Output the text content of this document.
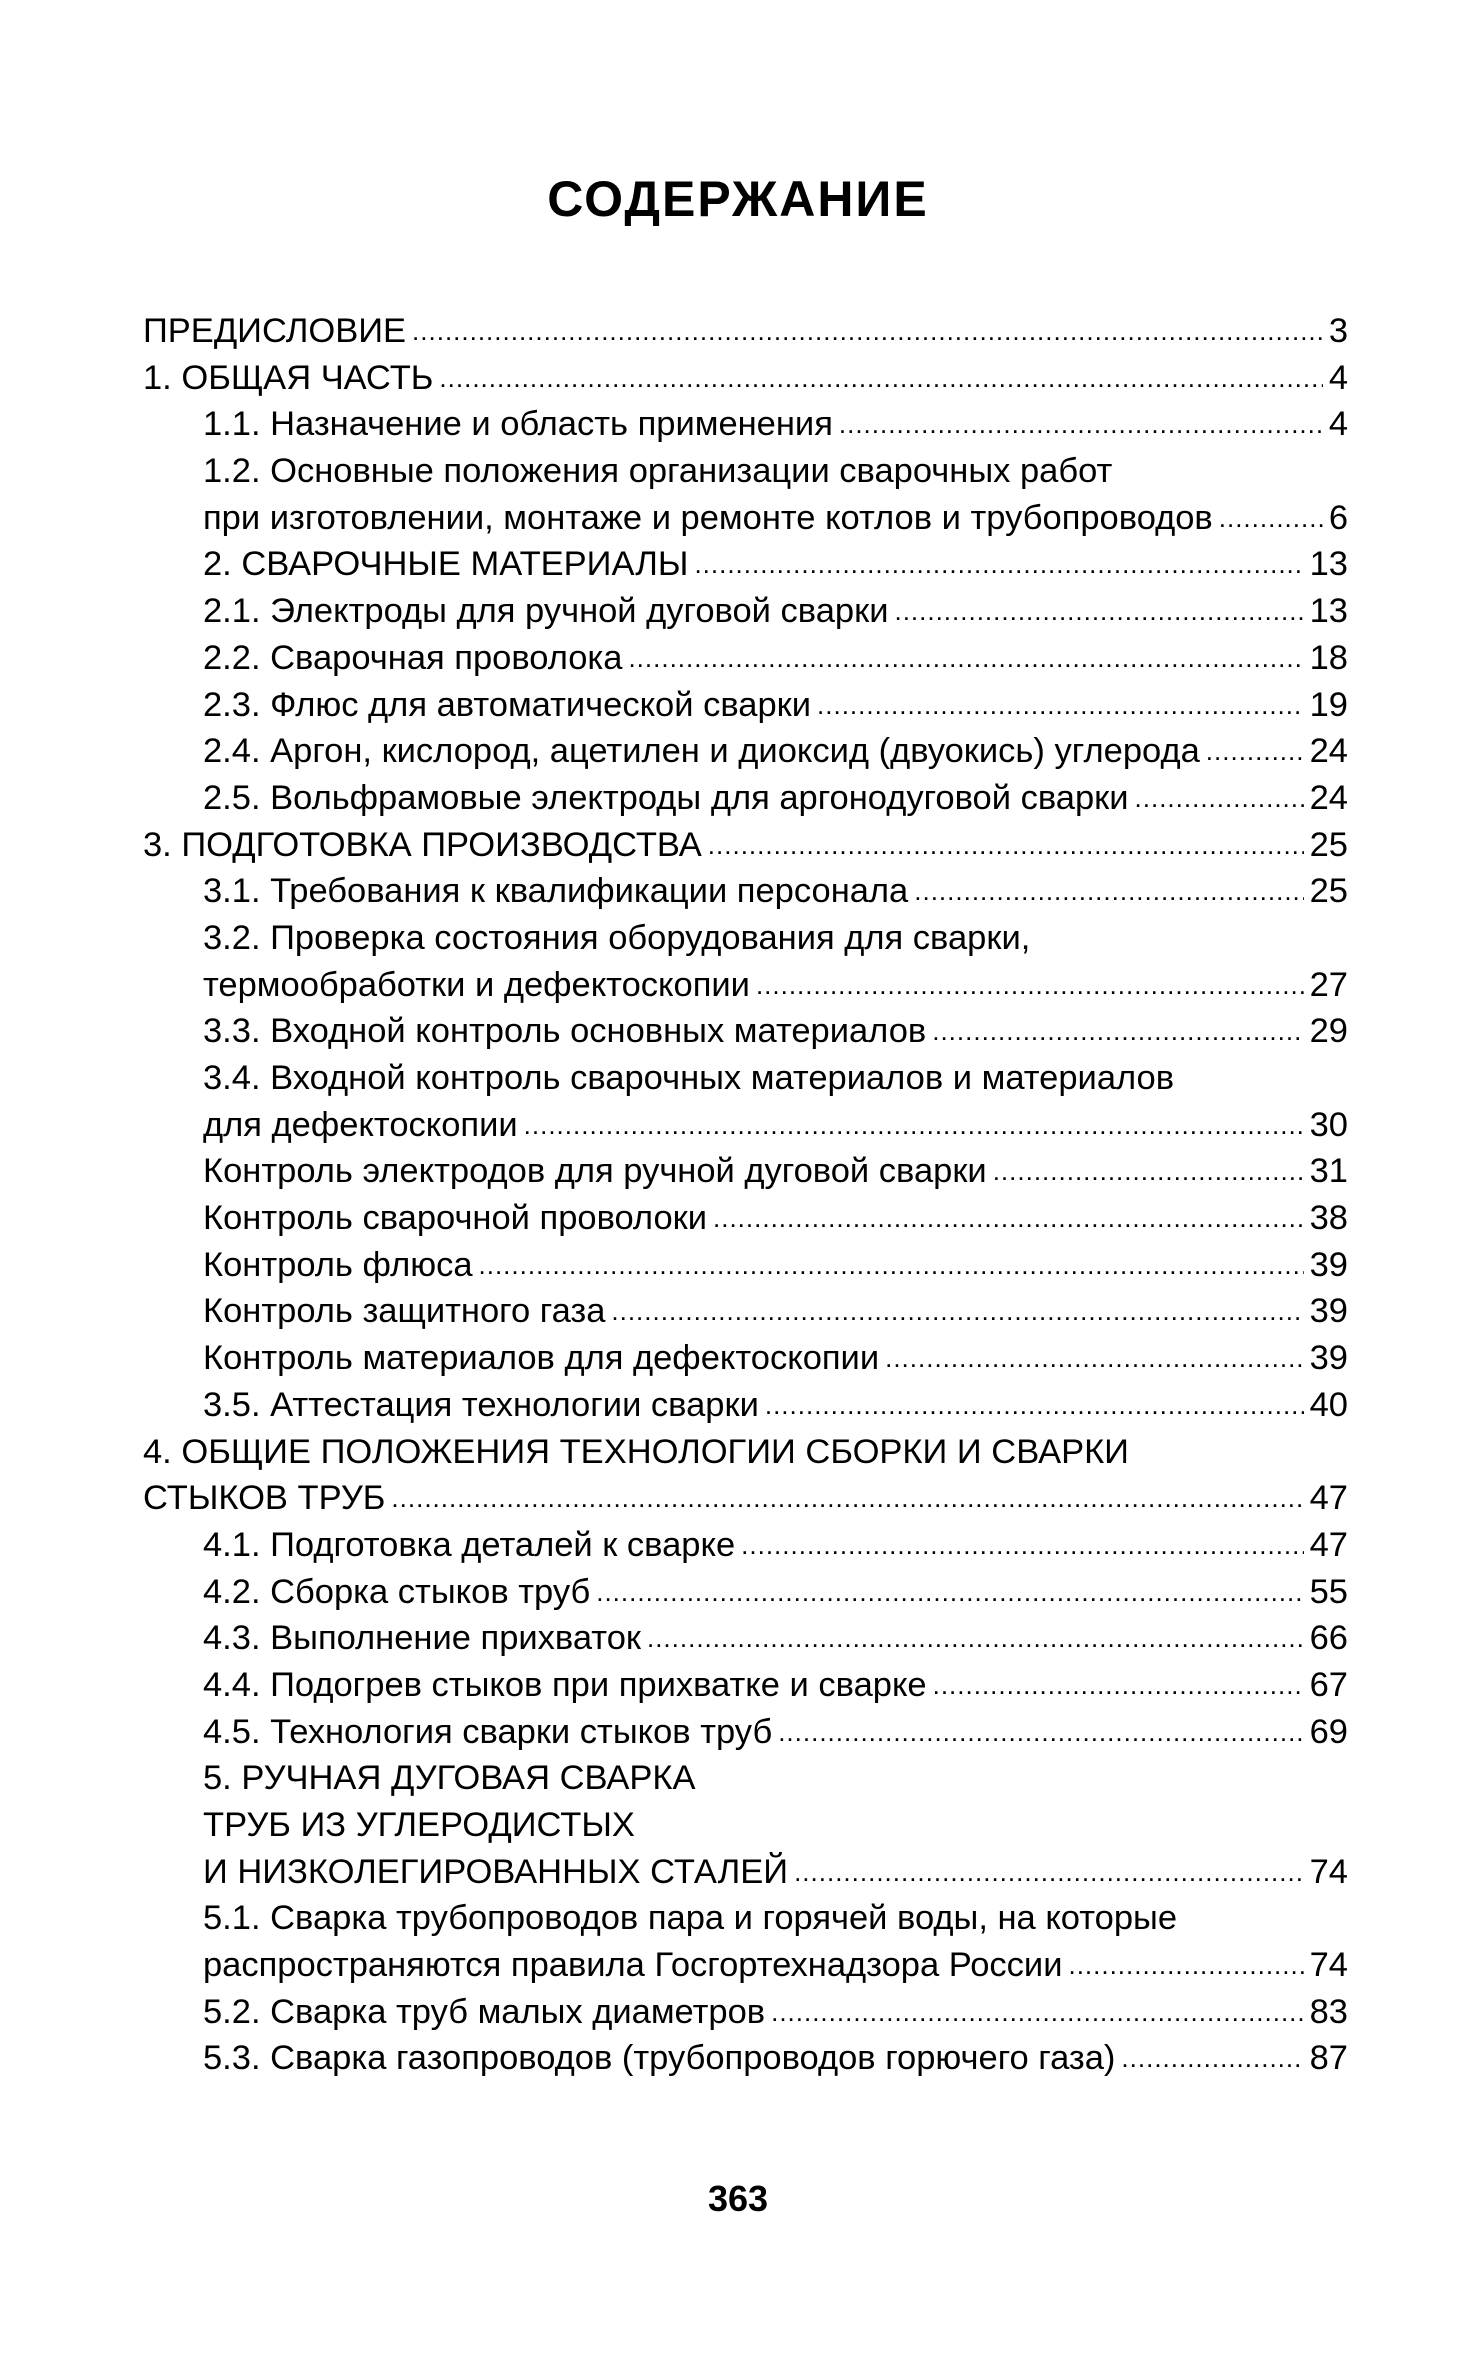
СОДЕРЖАНИЕ
ПРЕДИСЛОВИЕ .....	3
1. ОБЩАЯ ЧАСТЬ .....	4
1.1. Назначение и область применения .....	4
1.2. Основные положения организации сварочных работ
при изготовлении, монтаже и ремонте котлов и трубопроводов .....	6
2. СВАРОЧНЫЕ МАТЕРИАЛЫ .....	13
2.1. Электроды для ручной дуговой сварки .....	13
2.2. Сварочная проволока .....	18
2.3. Флюс для автоматической сварки .....	19
2.4. Аргон, кислород, ацетилен и диоксид (двуокись) углерода .....	24
2.5. Вольфрамовые электроды для аргонодуговой сварки .....	24
3. ПОДГОТОВКА ПРОИЗВОДСТВА .....	25
3.1. Требования к квалификации персонала .....	25
3.2. Проверка состояния оборудования для сварки,
термообработки и дефектоскопии .....	27
3.3. Входной контроль основных материалов .....	29
3.4. Входной контроль сварочных материалов и материалов
для дефектоскопии .....	30
Контроль электродов для ручной дуговой сварки .....	31
Контроль сварочной проволоки .....	38
Контроль флюса .....	39
Контроль защитного газа .....	39
Контроль материалов для дефектоскопии .....	39
3.5. Аттестация технологии сварки .....	40
4. ОБЩИЕ ПОЛОЖЕНИЯ ТЕХНОЛОГИИ СБОРКИ И СВАРКИ
СТЫКОВ ТРУБ .....	47
4.1. Подготовка деталей к сварке .....	47
4.2. Сборка стыков труб .....	55
4.3. Выполнение прихваток .....	66
4.4. Подогрев стыков при прихватке и сварке .....	67
4.5. Технология сварки стыков труб .....	69
5. РУЧНАЯ ДУГОВАЯ СВАРКА
ТРУБ ИЗ УГЛЕРОДИСТЫХ
И НИЗКОЛЕГИРОВАННЫХ СТАЛЕЙ .....	74
5.1. Сварка трубопроводов пара и горячей воды, на которые
распространяются правила Госгортехнадзора России .....	74
5.2. Сварка труб малых диаметров .....	83
5.3. Сварка газопроводов (трубопроводов горючего газа) .....	87
363
